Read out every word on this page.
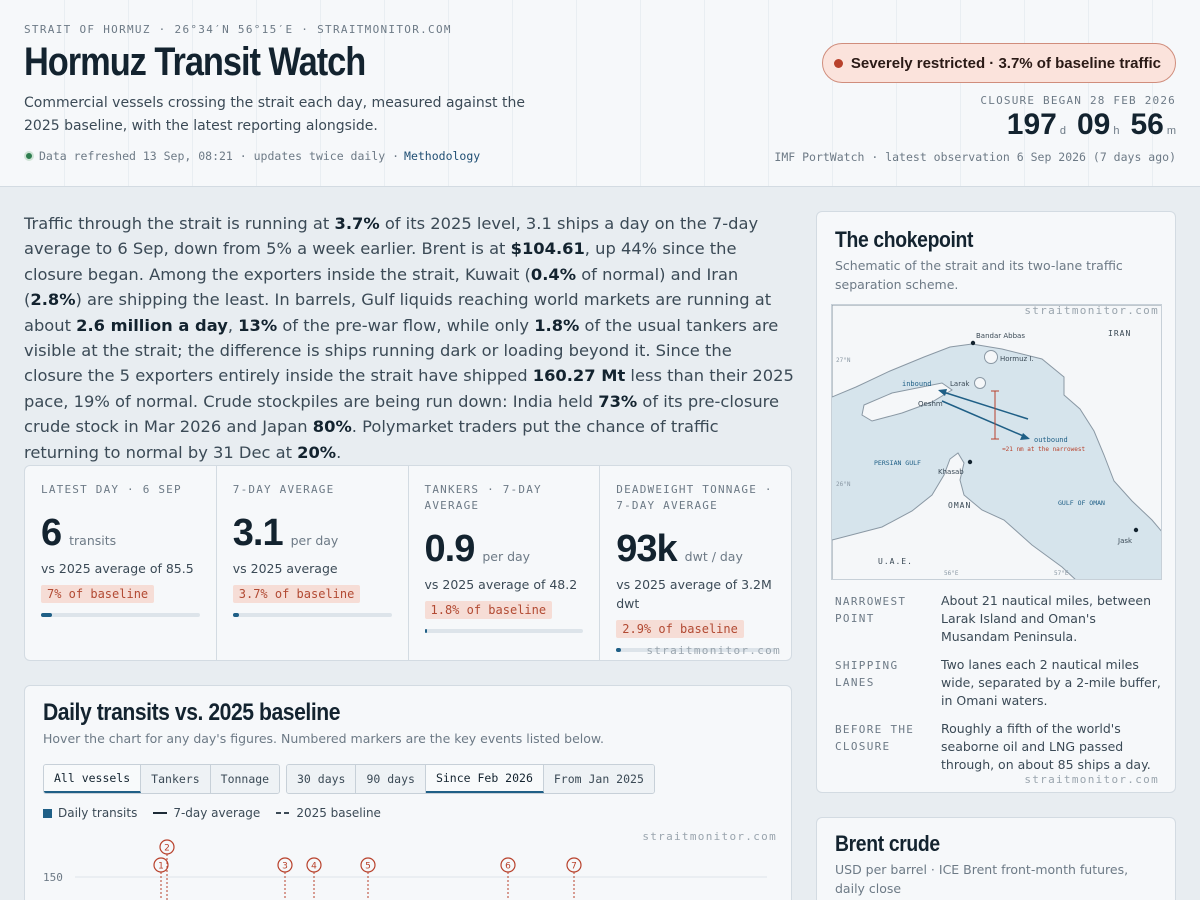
STRAIT OF HORMUZ · 26°34′N 56°15′E · STRAITMONITOR.COM
Hormuz Transit Watch
Commercial vessels crossing the strait each day, measured against the 2025 baseline, with the latest reporting alongside.
Data refreshed 13 Sep, 08:21 · updates twice daily · Methodology
Severely restricted · 3.7% of baseline traffic
CLOSURE BEGAN 28 FEB 2026
197 d 09 h 56 m
IMF PortWatch · latest observation 6 Sep 2026 (7 days ago)

Traffic through the strait is running at 3.7% of its 2025 level, 3.1 ships a day on the 7-day average to 6 Sep, down from 5% a week earlier. Brent is at $104.61, up 44% since the closure began. Among the exporters inside the strait, Kuwait (0.4% of normal) and Iran (2.8%) are shipping the least. In barrels, Gulf liquids reaching world markets are running at about 2.6 million a day, 13% of the pre-war flow, while only 1.8% of the usual tankers are visible at the strait; the difference is ships running dark or loading beyond it. Since the closure the 5 exporters entirely inside the strait have shipped 160.27 Mt less than their 2025 pace, 19% of normal. Crude stockpiles are being run down: India held 73% of its pre-closure crude stock in Mar 2026 and Japan 80%. Polymarket traders put the chance of traffic returning to normal by 31 Dec at 20%.

LATEST DAY · 6 SEP
6 transits
vs 2025 average of 85.5
7% of baseline
7-DAY AVERAGE
3.1 per day
vs 2025 average
3.7% of baseline
TANKERS · 7-DAY AVERAGE
0.9 per day
vs 2025 average of 48.2
1.8% of baseline
DEADWEIGHT TONNAGE · 7-DAY AVERAGE
93k dwt / day
vs 2025 average of 3.2M dwt
2.9% of baseline
straitmonitor.com
Daily transits vs. 2025 baseline
Hover the chart for any day's figures. Numbered markers are the key events listed below.
All vessels	Tankers	Tonnage	30 days	90 days	Since Feb 2026	From Jan 2025
Daily transits	7-day average	2025 baseline
straitmonitor.com
150
1
2
3	4	5	6	7
The chokepoint
Schematic of the strait and its two-lane traffic separation scheme.
IRAN
Bandar Abbas
Hormuz I.
Larak
Qeshm
inbound
outbound
≈21 nm at the narrowest
PERSIAN GULF
Khasab
OMAN	GULF OF OMAN
Jask
U.A.E.
27°N
26°N
56°E	57°E
straitmonitor.com
NARROWEST POINT
About 21 nautical miles, between Larak Island and Oman's Musandam Peninsula.
SHIPPING LANES
Two lanes each 2 nautical miles wide, separated by a 2-mile buffer, in Omani waters.
BEFORE THE CLOSURE
Roughly a fifth of the world's seaborne oil and LNG passed through, on about 85 ships a day.
straitmonitor.com
Brent crude
USD per barrel · ICE Brent front-month futures, daily close
